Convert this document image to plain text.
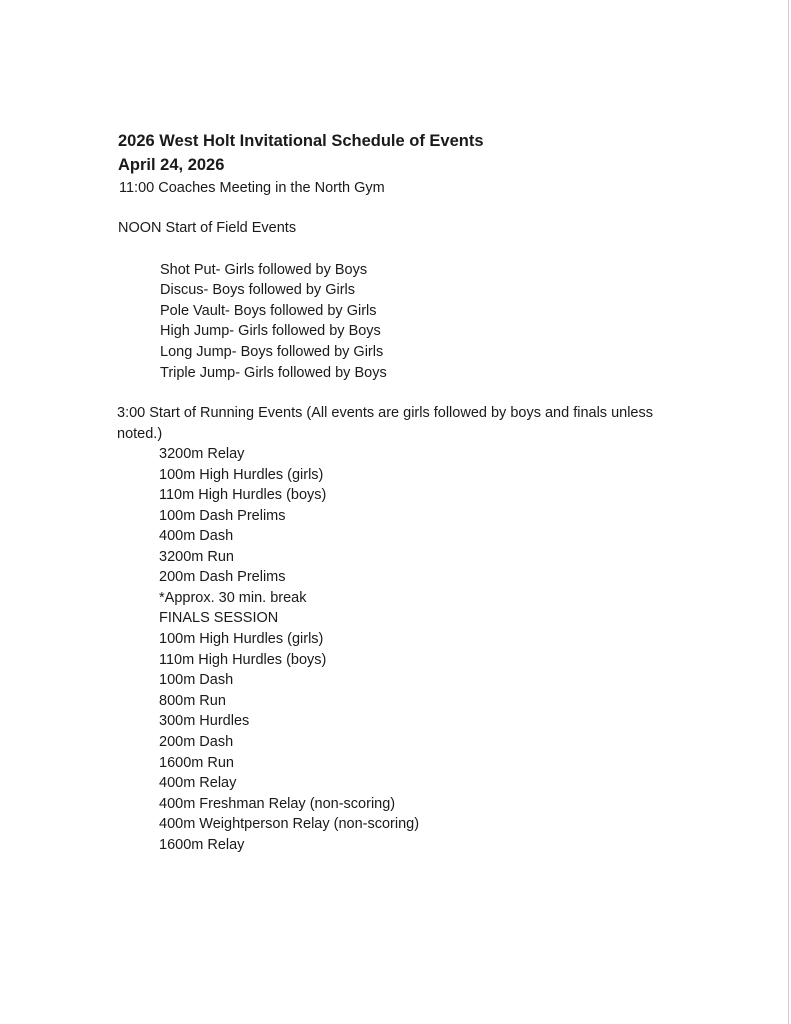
2026 West Holt Invitational Schedule of Events
April 24, 2026
11:00 Coaches Meeting in the North Gym
NOON Start of Field Events
Shot Put- Girls followed by Boys
Discus- Boys followed by Girls
Pole Vault- Boys followed by Girls
High Jump- Girls followed by Boys
Long Jump- Boys followed by Girls
Triple Jump- Girls followed by Boys
3:00 Start of Running Events (All events are girls followed by boys and finals unless
noted.)
3200m Relay
100m High Hurdles (girls)
110m High Hurdles (boys)
100m Dash Prelims
400m Dash
3200m Run
200m Dash Prelims
*Approx. 30 min. break
FINALS SESSION
100m High Hurdles (girls)
110m High Hurdles (boys)
100m Dash
800m Run
300m Hurdles
200m Dash
1600m Run
400m Relay
400m Freshman Relay (non-scoring)
400m Weightperson Relay (non-scoring)
1600m Relay
